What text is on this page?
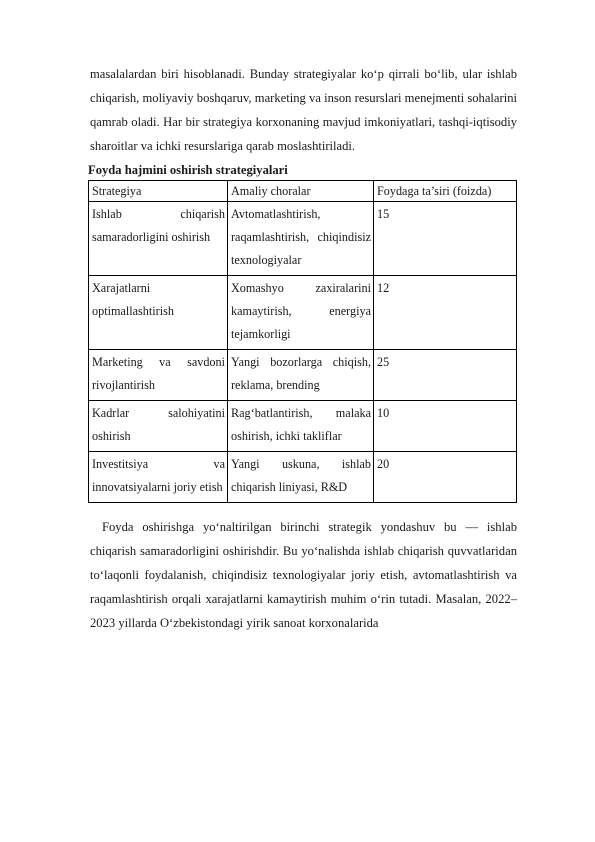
masalalardan biri hisoblanadi. Bunday strategiyalar ko‘p qirrali bo‘lib, ular ishlab chiqarish, moliyaviy boshqaruv, marketing va inson resurslari menejmenti sohalarini qamrab oladi. Har bir strategiya korxonaning mavjud imkoniyatlari, tashqi-iqtisodiy sharoitlar va ichki resurslariga qarab moslashtiriladi.

Foyda hajmini oshirish strategiyalari
Strategiya	Amaliy choralar	Foydaga ta’siri (foizda)
Ishlab chiqarish samaradorligini oshirish	Avtomatlashtirish, raqamlashtirish, chiqindisiz texnologiyalar	15
Xarajatlarni optimallashtirish	Xomashyo zaxiralarini kamaytirish, energiya tejamkorligi	12
Marketing va savdoni rivojlantirish	Yangi bozorlarga chiqish, reklama, brending	25
Kadrlar salohiyatini oshirish	Rag‘batlantirish, malaka oshirish, ichki takliflar	10
Investitsiya va innovatsiyalarni joriy etish	Yangi uskuna, ishlab chiqarish liniyasi, R&D	20

Foyda oshirishga yo‘naltirilgan birinchi strategik yondashuv bu — ishlab chiqarish samaradorligini oshirishdir. Bu yo‘nalishda ishlab chiqarish quvvatlaridan to‘laqonli foydalanish, chiqindisiz texnologiyalar joriy etish, avtomatlashtirish va raqamlashtirish orqali xarajatlarni kamaytirish muhim o‘rin tutadi. Masalan, 2022–2023 yillarda O‘zbekistondagi yirik sanoat korxonalarida
